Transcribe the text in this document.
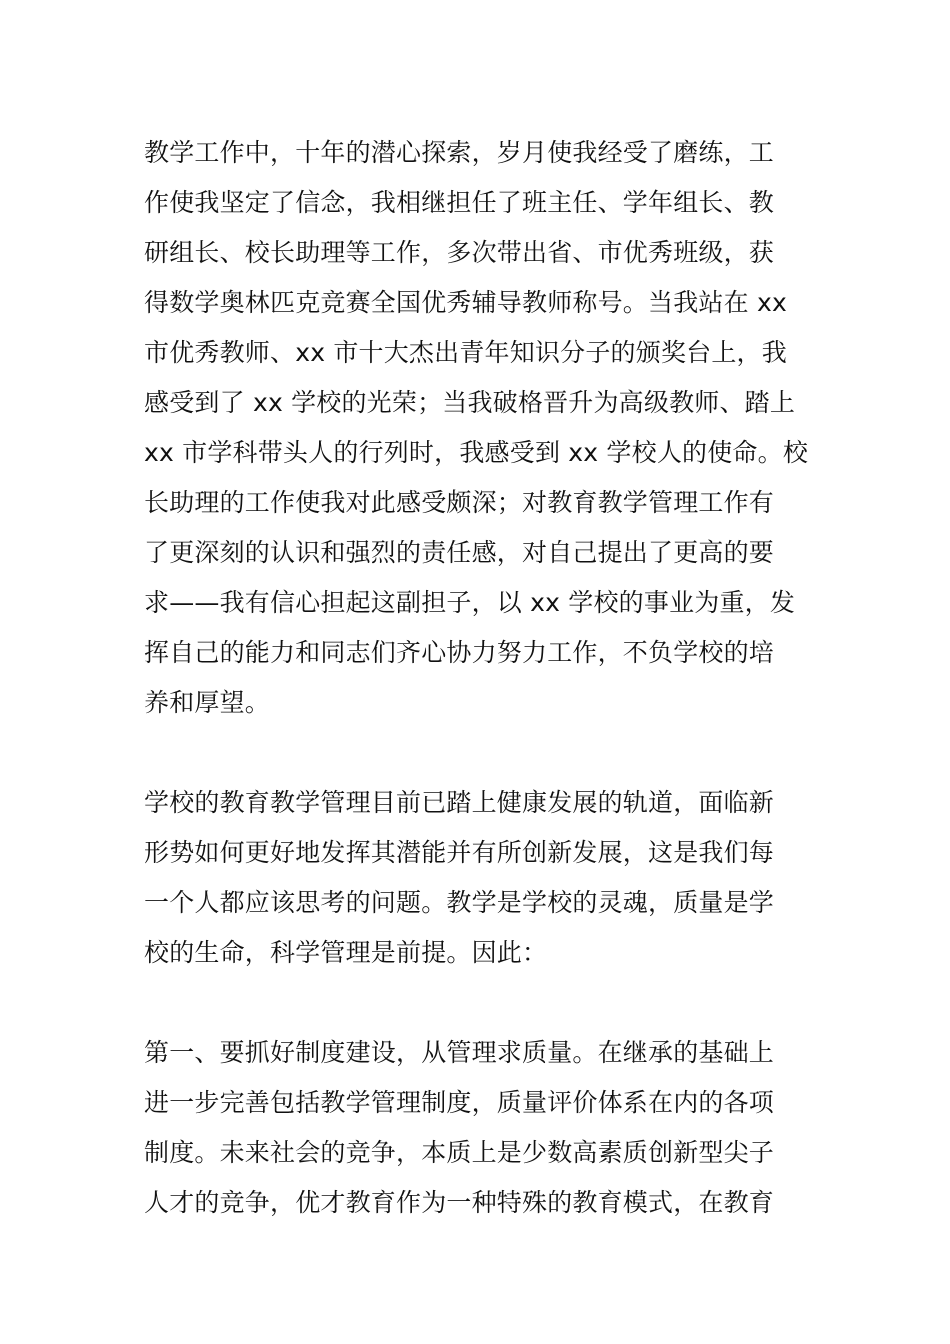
教学工作中，十年的潜心探索，岁月使我经受了磨练，工
作使我坚定了信念，我相继担任了班主任、学年组长、教
研组长、校长助理等工作，多次带出省、市优秀班级，获
得数学奥林匹克竞赛全国优秀辅导教师称号。当我站在 xx
市优秀教师、xx 市十大杰出青年知识分子的颁奖台上，我
感受到了 xx 学校的光荣；当我破格晋升为高级教师、踏上
xx 市学科带头人的行列时，我感受到 xx 学校人的使命。校
长助理的工作使我对此感受颇深；对教育教学管理工作有
了更深刻的认识和强烈的责任感，对自己提出了更高的要
求——我有信心担起这副担子，以 xx 学校的事业为重，发
挥自己的能力和同志们齐心协力努力工作，不负学校的培
养和厚望。
学校的教育教学管理目前已踏上健康发展的轨道，面临新
形势如何更好地发挥其潜能并有所创新发展，这是我们每
一个人都应该思考的问题。教学是学校的灵魂，质量是学
校的生命，科学管理是前提。因此：
第一、要抓好制度建设，从管理求质量。在继承的基础上
进一步完善包括教学管理制度，质量评价体系在内的各项
制度。未来社会的竞争，本质上是少数高素质创新型尖子
人才的竞争，优才教育作为一种特殊的教育模式，在教育
